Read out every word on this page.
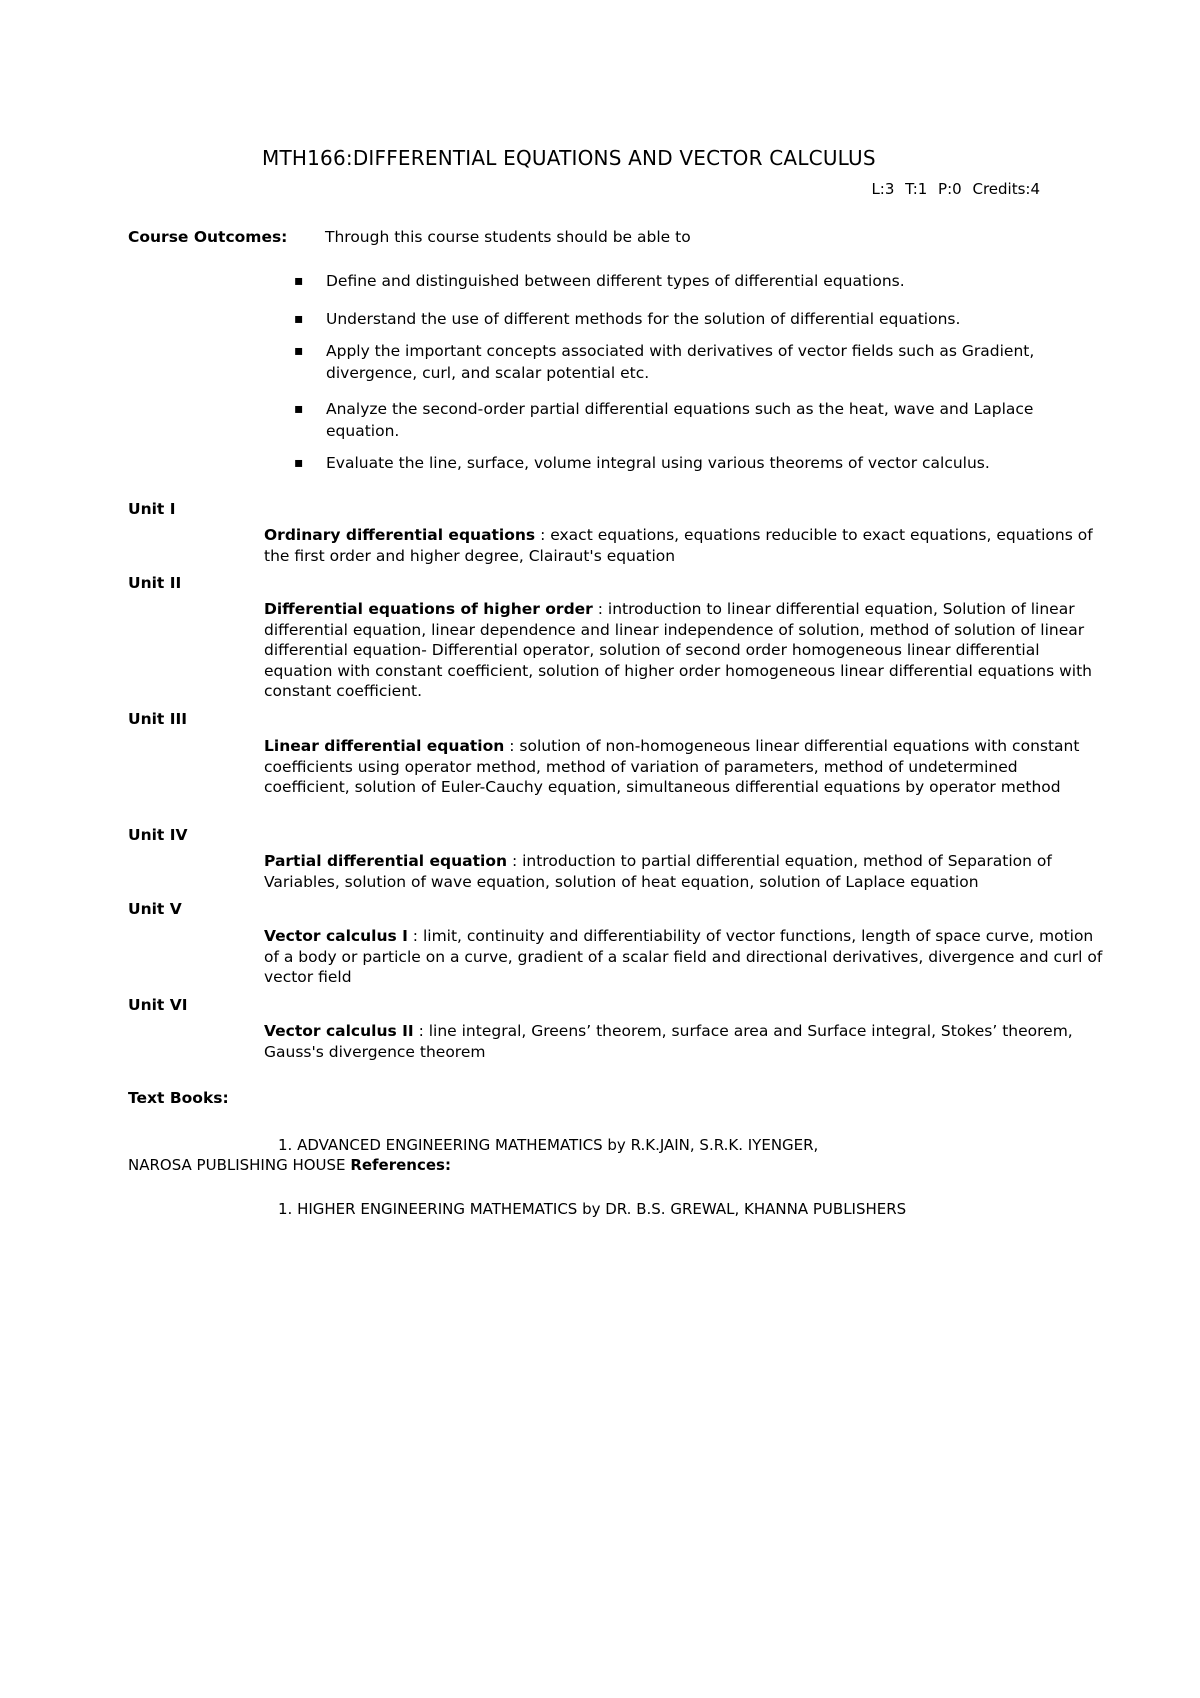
MTH166:DIFFERENTIAL EQUATIONS AND VECTOR CALCULUS
L:3 T:1 P:0 Credits:4
Course Outcomes: Through this course students should be able to
▪ Define and distinguished between different types of differential equations.
▪ Understand the use of different methods for the solution of differential equations.
▪ Apply the important concepts associated with derivatives of vector fields such as Gradient, divergence, curl, and scalar potential etc.
▪ Analyze the second-order partial differential equations such as the heat, wave and Laplace equation.
▪ Evaluate the line, surface, volume integral using various theorems of vector calculus.
Unit I
Ordinary differential equations : exact equations, equations reducible to exact equations, equations of the first order and higher degree, Clairaut's equation
Unit II
Differential equations of higher order : introduction to linear differential equation, Solution of linear differential equation, linear dependence and linear independence of solution, method of solution of linear differential equation- Differential operator, solution of second order homogeneous linear differential equation with constant coefficient, solution of higher order homogeneous linear differential equations with constant coefficient.
Unit III
Linear differential equation : solution of non-homogeneous linear differential equations with constant coefficients using operator method, method of variation of parameters, method of undetermined coefficient, solution of Euler-Cauchy equation, simultaneous differential equations by operator method
Unit IV
Partial differential equation : introduction to partial differential equation, method of Separation of Variables, solution of wave equation, solution of heat equation, solution of Laplace equation
Unit V
Vector calculus I : limit, continuity and differentiability of vector functions, length of space curve, motion of a body or particle on a curve, gradient of a scalar field and directional derivatives, divergence and curl of vector field
Unit VI
Vector calculus II : line integral, Greens’ theorem, surface area and Surface integral, Stokes’ theorem, Gauss's divergence theorem
Text Books:
1. ADVANCED ENGINEERING MATHEMATICS by R.K.JAIN, S.R.K. IYENGER,
NAROSA PUBLISHING HOUSE References:
1. HIGHER ENGINEERING MATHEMATICS by DR. B.S. GREWAL, KHANNA PUBLISHERS
